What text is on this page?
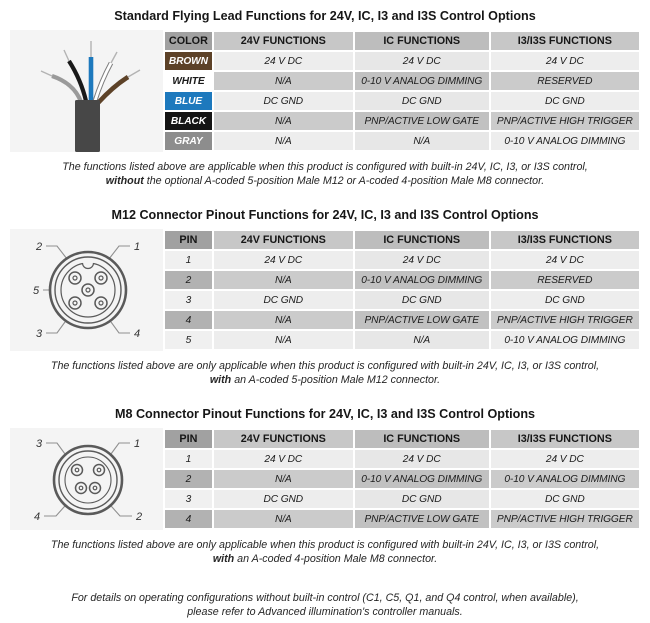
Standard Flying Lead Functions for 24V, IC, I3 and I3S Control Options
COLOR	24V FUNCTIONS	IC FUNCTIONS	I3/I3S FUNCTIONS
BROWN	24 V DC	24 V DC	24 V DC
WHITE	N/A	0-10 V ANALOG DIMMING	RESERVED
BLUE	DC GND	DC GND	DC GND
BLACK	N/A	PNP/ACTIVE LOW GATE	PNP/ACTIVE HIGH TRIGGER
GRAY	N/A	N/A	0-10 V ANALOG DIMMING
The functions listed above are applicable when this product is configured with built-in 24V, IC, I3, or I3S control,
without the optional A-coded 5-position Male M12 or A-coded 4-position Male M8 connector.
M12 Connector Pinout Functions for 24V, IC, I3 and I3S Control Options
2	1
5
3	4
PIN	24V FUNCTIONS	IC FUNCTIONS	I3/I3S FUNCTIONS
1	24 V DC	24 V DC	24 V DC
2	N/A	0-10 V ANALOG DIMMING	RESERVED
3	DC GND	DC GND	DC GND
4	N/A	PNP/ACTIVE LOW GATE	PNP/ACTIVE HIGH TRIGGER
5	N/A	N/A	0-10 V ANALOG DIMMING
The functions listed above are only applicable when this product is configured with built-in 24V, IC, I3, or I3S control,
with an A-coded 5-position Male M12 connector.
M8 Connector Pinout Functions for 24V, IC, I3 and I3S Control Options
3	1
4	2
PIN	24V FUNCTIONS	IC FUNCTIONS	I3/I3S FUNCTIONS
1	24 V DC	24 V DC	24 V DC
2	N/A	0-10 V ANALOG DIMMING	0-10 V ANALOG DIMMING
3	DC GND	DC GND	DC GND
4	N/A	PNP/ACTIVE LOW GATE	PNP/ACTIVE HIGH TRIGGER
The functions listed above are only applicable when this product is configured with built-in 24V, IC, I3, or I3S control,
with an A-coded 4-position Male M8 connector.
For details on operating configurations without built-in control (C1, C5, Q1, and Q4 control, when available),
please refer to Advanced illumination's controller manuals.
